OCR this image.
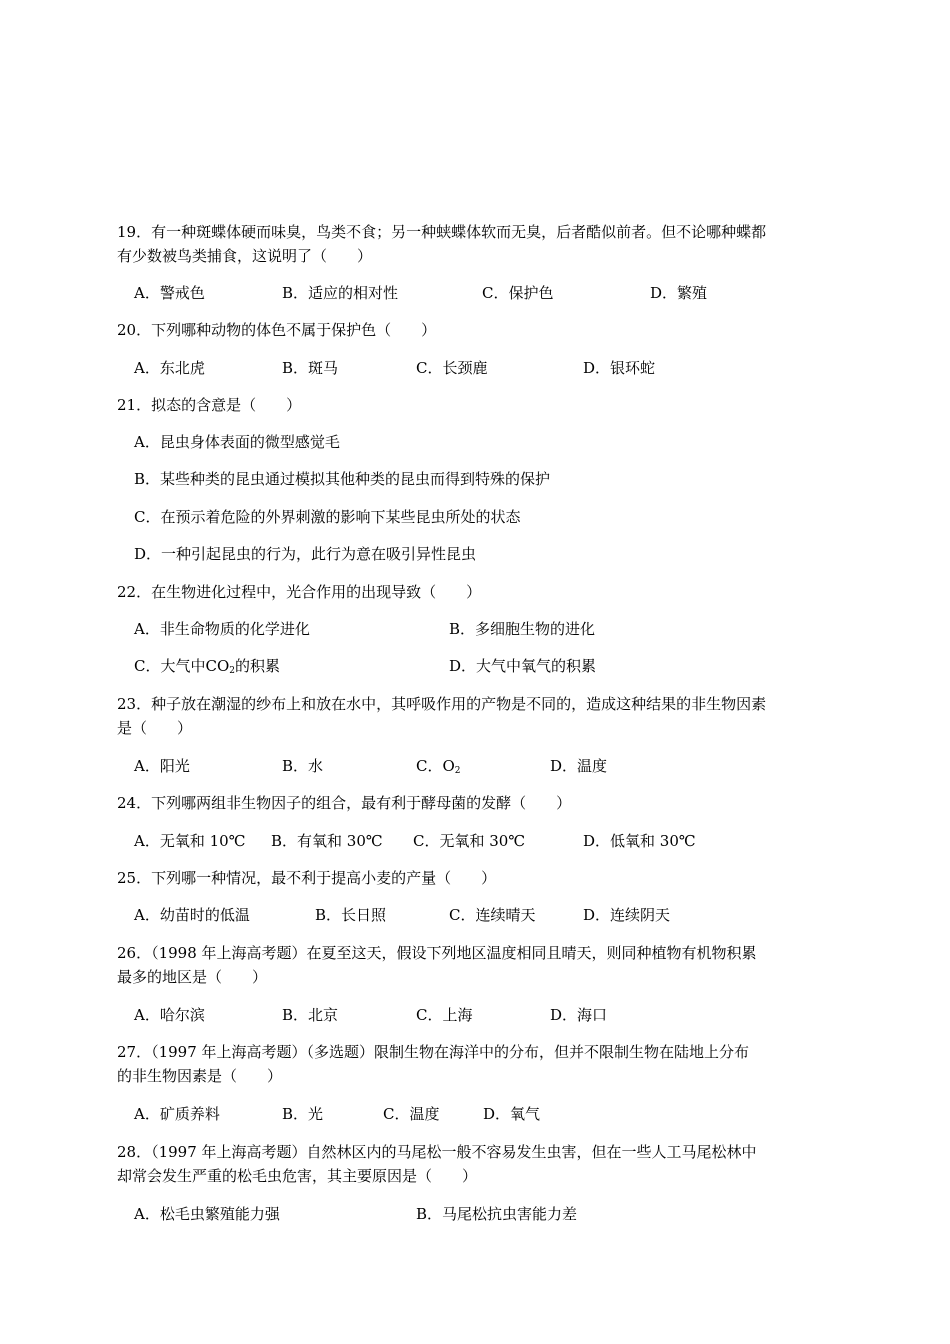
19．有一种斑蝶体硬而味臭，鸟类不食；另一种蛱蝶体软而无臭，后者酷似前者。但不论哪种蝶都
有少数被鸟类捕食，这说明了（　　）
A．警戒色	B．适应的相对性	C．保护色	D．繁殖
20．下列哪种动物的体色不属于保护色（　　）
A．东北虎	B．斑马	C．长颈鹿	D．银环蛇
21．拟态的含意是（　　）
A．昆虫身体表面的微型感觉毛
B．某些种类的昆虫通过模拟其他种类的昆虫而得到特殊的保护
C．在预示着危险的外界刺激的影响下某些昆虫所处的状态
D．一种引起昆虫的行为，此行为意在吸引异性昆虫
22．在生物进化过程中，光合作用的出现导致（　　）
A．非生命物质的化学进化	B．多细胞生物的进化
C．大气中$CO_2$的积累	D．大气中氧气的积累
23．种子放在潮湿的纱布上和放在水中，其呼吸作用的产物是不同的，造成这种结果的非生物因素
是（　　）
A．阳光	B．水	C．$O_2$	D．温度
24．下列哪两组非生物因子的组合，最有利于酵母菌的发酵（　　）
A．无氧和 10℃ B．有氧和 30℃ C．无氧和 30℃	D．低氧和 30℃
25．下列哪一种情况，最不利于提高小麦的产量（　　）
A．幼苗时的低温	B．长日照	C．连续晴天	D．连续阴天
26．（1998 年上海高考题）在夏至这天，假设下列地区温度相同且晴天，则同种植物有机物积累
最多的地区是（　　）
A．哈尔滨	B．北京	C．上海	D．海口
27．（1997 年上海高考题）（多选题）限制生物在海洋中的分布，但并不限制生物在陆地上分布
的非生物因素是（　　）
A．矿质养料	B．光	C．温度	D．氧气
28．（1997 年上海高考题）自然林区内的马尾松一般不容易发生虫害，但在一些人工马尾松林中
却常会发生严重的松毛虫危害，其主要原因是（　　）
A．松毛虫繁殖能力强	B．马尾松抗虫害能力差
